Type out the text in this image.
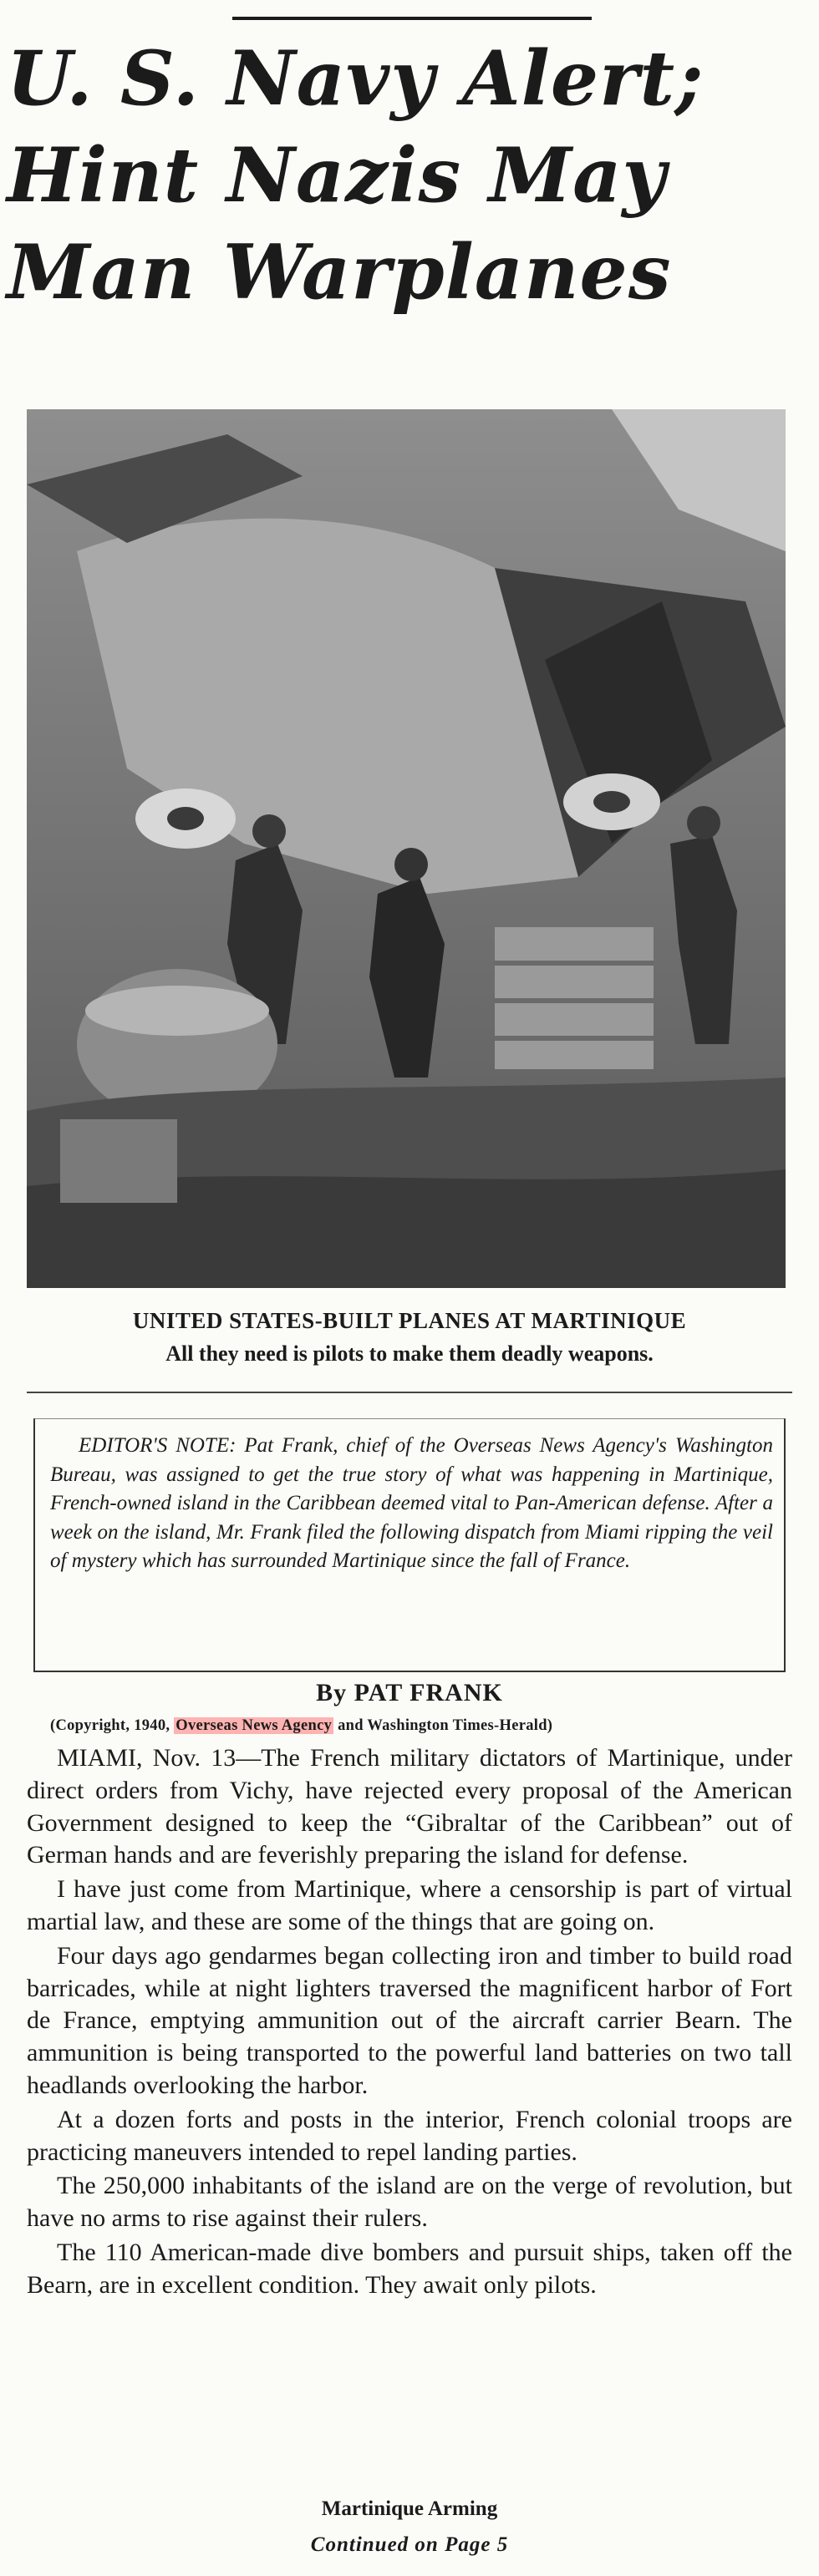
U. S. Navy Alert;
Hint Nazis May
Man Warplanes
UNITED STATES-BUILT PLANES AT MARTINIQUE
All they need is pilots to make them deadly weapons.
EDITOR'S NOTE: Pat Frank, chief of the Overseas News Agency's Washington Bureau, was assigned to get the true story of what was happening in Martinique, French-owned island in the Caribbean deemed vital to Pan-American defense. After a week on the island, Mr. Frank filed the following dispatch from Miami ripping the veil of mystery which has surrounded Martinique since the fall of France.
By PAT FRANK
(Copyright, 1940, Overseas News Agency and Washington Times-Herald)

MIAMI, Nov. 13—The French military dictators of Martinique, under direct orders from Vichy, have rejected every proposal of the American Government designed to keep the “Gibraltar of the Caribbean” out of German hands and are feverishly preparing the island for defense.

I have just come from Martinique, where a censorship is part of virtual martial law, and these are some of the things that are going on.

Four days ago gendarmes began collecting iron and timber to build road barricades, while at night lighters traversed the magnificent harbor of Fort de France, emptying ammunition out of the aircraft carrier Bearn. The ammunition is being transported to the powerful land batteries on two tall headlands overlooking the harbor.

At a dozen forts and posts in the interior, French colonial troops are practicing maneuvers intended to repel landing parties.

The 250,000 inhabitants of the island are on the verge of revolution, but have no arms to rise against their rulers.

The 110 American-made dive bombers and pursuit ships, taken off the Bearn, are in excellent condition. They await only pilots.

Martinique Arming
Continued on Page 5
